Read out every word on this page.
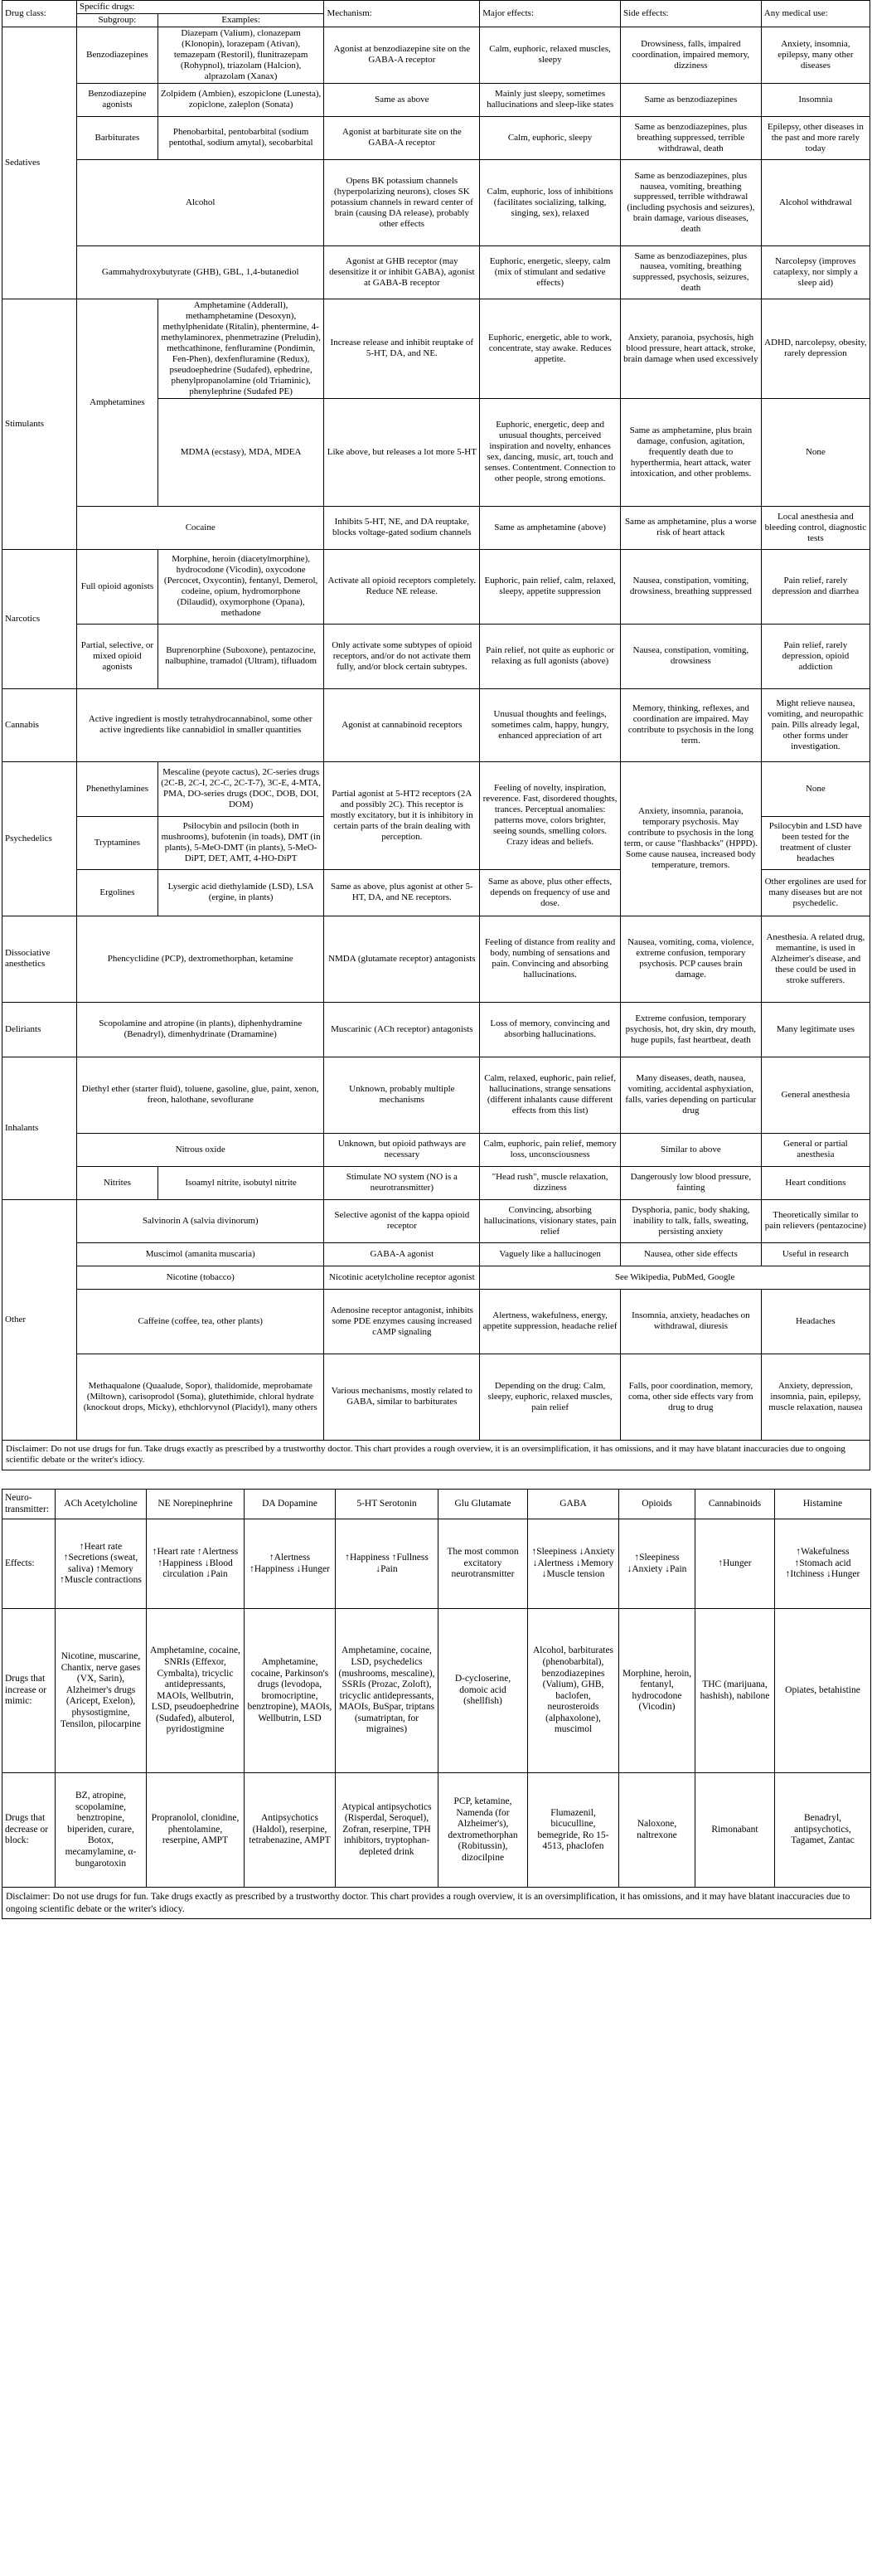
Drug class:	Specific drugs:		Mechanism:	Major effects:	Side effects:	Any medical use:
	Subgroup:	Examples:				
Sedatives	Benzodiazepines	Diazepam (Valium), clonazepam (Klonopin), lorazepam (Ativan), temazepam (Restoril), flunitrazepam (Rohypnol), triazolam (Halcion), alprazolam (Xanax)	Agonist at benzodiazepine site on the GABA-A receptor	Calm, euphoric, relaxed muscles, sleepy	Drowsiness, falls, impaired coordination, impaired memory, dizziness	Anxiety, insomnia, epilepsy, many other diseases
	Benzodiazepine agonists	Zolpidem (Ambien), eszopiclone (Lunesta), zopiclone, zaleplon (Sonata)	Same as above	Mainly just sleepy, sometimes hallucinations and sleep-like states	Same as benzodiazepines	Insomnia
	Barbiturates	Phenobarbital, pentobarbital (sodium pentothal, sodium amytal), secobarbital	Agonist at barbiturate site on the GABA-A receptor	Calm, euphoric, sleepy	Same as benzodiazepines, plus breathing suppressed, terrible withdrawal, death	Epilepsy, other diseases in the past and more rarely today
	Alcohol		Opens BK potassium channels (hyperpolarizing neurons), closes SK potassium channels in reward center of brain (causing DA release), probably other effects	Calm, euphoric, loss of inhibitions (facilitates socializing, talking, singing, sex), relaxed	Same as benzodiazepines, plus nausea, vomiting, breathing suppressed, terrible withdrawal (including psychosis and seizures), brain damage, various diseases, death	Alcohol withdrawal
	Gammahydroxybutyrate (GHB), GBL, 1,4-butanediol		Agonist at GHB receptor (may desensitize it or inhibit GABA), agonist at GABA-B receptor	Euphoric, energetic, sleepy, calm (mix of stimulant and sedative effects)	Same as benzodiazepines, plus nausea, vomiting, breathing suppressed, psychosis, seizures, death	Narcolepsy (improves cataplexy, nor simply a sleep aid)
Stimulants	Amphetamines	Amphetamine (Adderall), methamphetamine (Desoxyn), methylphenidate (Ritalin), phentermine, 4-methylaminorex, phenmetrazine (Preludin), methcathinone, fenfluramine (Pondimin, Fen-Phen), dexfenfluramine (Redux), pseudoephedrine (Sudafed), ephedrine, phenylpropanolamine (old Triaminic), phenylephrine (Sudafed PE)	Increase release and inhibit reuptake of 5-HT, DA, and NE.	Euphoric, energetic, able to work, concentrate, stay awake. Reduces appetite.	Anxiety, paranoia, psychosis, high blood pressure, heart attack, stroke, brain damage when used excessively	ADHD, narcolepsy, obesity, rarely depression
		MDMA (ecstasy), MDA, MDEA	Like above, but releases a lot more 5-HT	Euphoric, energetic, deep and unusual thoughts, perceived inspiration and novelty, enhances sex, dancing, music, art, touch and senses. Contentment. Connection to other people, strong emotions.	Same as amphetamine, plus brain damage, confusion, agitation, frequently death due to hyperthermia, heart attack, water intoxication, and other problems.	None
	Cocaine		Inhibits 5-HT, NE, and DA reuptake, blocks voltage-gated sodium channels	Same as amphetamine (above)	Same as amphetamine, plus a worse risk of heart attack	Local anesthesia and bleeding control, diagnostic tests
Narcotics	Full opioid agonists	Morphine, heroin (diacetylmorphine), hydrocodone (Vicodin), oxycodone (Percocet, Oxycontin), fentanyl, Demerol, codeine, opium, hydromorphone (Dilaudid), oxymorphone (Opana), methadone	Activate all opioid receptors completely. Reduce NE release.	Euphoric, pain relief, calm, relaxed, sleepy, appetite suppression	Nausea, constipation, vomiting, drowsiness, breathing suppressed	Pain relief, rarely depression and diarrhea
	Partial, selective, or mixed opioid agonists	Buprenorphine (Suboxone), pentazocine, nalbuphine, tramadol (Ultram), tifluadom	Only activate some subtypes of opioid receptors, and/or do not activate them fully, and/or block certain subtypes.	Pain relief, not quite as euphoric or relaxing as full agonists (above)	Nausea, constipation, vomiting, drowsiness	Pain relief, rarely depression, opioid addiction
Cannabis	Active ingredient is mostly tetrahydrocannabinol, some other active ingredients like cannabidiol in smaller quantities		Agonist at cannabinoid receptors	Unusual thoughts and feelings, sometimes calm, happy, hungry, enhanced appreciation of art	Memory, thinking, reflexes, and coordination are impaired. May contribute to psychosis in the long term.	Might relieve nausea, vomiting, and neuropathic pain. Pills already legal, other forms under investigation.
Psychedelics	Phenethylamines	Mescaline (peyote cactus), 2C-series drugs (2C-B, 2C-I, 2C-C, 2C-T-7), 3C-E, 4-MTA, PMA, DO-series drugs (DOC, DOB, DOI, DOM)	Partial agonist at 5-HT2 receptors (2A and possibly 2C). This receptor is mostly excitatory, but it is inhibitory in certain parts of the brain dealing with perception.	Feeling of novelty, inspiration, reverence. Fast, disordered thoughts, trances. Perceptual anomalies: patterns move, colors brighter, seeing sounds, smelling colors. Crazy ideas and beliefs.	Anxiety, insomnia, paranoia, temporary psychosis. May contribute to psychosis in the long term, or cause "flashbacks" (HPPD). Some cause nausea, increased body temperature, tremors.	None
	Tryptamines	Psilocybin and psilocin (both in mushrooms), bufotenin (in toads), DMT (in plants), 5-MeO-DMT (in plants), 5-MeO-DiPT, DET, AMT, 4-HO-DiPT				Psilocybin and LSD have been tested for the treatment of cluster headaches
	Ergolines	Lysergic acid diethylamide (LSD), LSA (ergine, in plants)	Same as above, plus agonist at other 5-HT, DA, and NE receptors.	Same as above, plus other effects, depends on frequency of use and dose.		Other ergolines are used for many diseases but are not psychedelic.
Dissociative anesthetics	Phencyclidine (PCP), dextromethorphan, ketamine		NMDA (glutamate receptor) antagonists	Feeling of distance from reality and body, numbing of sensations and pain. Convincing and absorbing hallucinations.	Nausea, vomiting, coma, violence, extreme confusion, temporary psychosis. PCP causes brain damage.	Anesthesia. A related drug, memantine, is used in Alzheimer's disease, and these could be used in stroke sufferers.
Deliriants	Scopolamine and atropine (in plants), diphenhydramine (Benadryl), dimenhydrinate (Dramamine)		Muscarinic (ACh receptor) antagonists	Loss of memory, convincing and absorbing hallucinations.	Extreme confusion, temporary psychosis, hot, dry skin, dry mouth, huge pupils, fast heartbeat, death	Many legitimate uses
Inhalants	Diethyl ether (starter fluid), toluene, gasoline, glue, paint, xenon, freon, halothane, sevoflurane		Unknown, probably multiple mechanisms	Calm, relaxed, euphoric, pain relief, hallucinations, strange sensations (different inhalants cause different effects from this list)	Many diseases, death, nausea, vomiting, accidental asphyxiation, falls, varies depending on particular drug	General anesthesia
	Nitrous oxide		Unknown, but opioid pathways are necessary	Calm, euphoric, pain relief, memory loss, unconsciousness	Similar to above	General or partial anesthesia
	Nitrites	Isoamyl nitrite, isobutyl nitrite	Stimulate NO system (NO is a neurotransmitter)	"Head rush", muscle relaxation, dizziness	Dangerously low blood pressure, fainting	Heart conditions
Other	Salvinorin A (salvia divinorum)		Selective agonist of the kappa opioid receptor	Convincing, absorbing hallucinations, visionary states, pain relief	Dysphoria, panic, body shaking, inability to talk, falls, sweating, persisting anxiety	Theoretically similar to pain relievers (pentazocine)
	Muscimol (amanita muscaria)		GABA-A agonist	Vaguely like a hallucinogen	Nausea, other side effects	Useful in research
	Nicotine (tobacco)		Nicotinic acetylcholine receptor agonist	See Wikipedia, PubMed, Google		
	Caffeine (coffee, tea, other plants)		Adenosine receptor antagonist, inhibits some PDE enzymes causing increased cAMP signaling	Alertness, wakefulness, energy, appetite suppression, headache relief	Insomnia, anxiety, headaches on withdrawal, diuresis	Headaches
	Methaqualone (Quaalude, Sopor), thalidomide, meprobamate (Miltown), carisoprodol (Soma), glutethimide, chloral hydrate (knockout drops, Micky), ethchlorvynol (Placidyl), many others		Various mechanisms, mostly related to GABA, similar to barbiturates	Depending on the drug: Calm, sleepy, euphoric, relaxed muscles, pain relief	Falls, poor coordination, memory, coma, other side effects vary from drug to drug	Anxiety, depression, insomnia, pain, epilepsy, muscle relaxation, nausea
Disclaimer: Do not use drugs for fun. Take drugs exactly as prescribed by a trustworthy doctor. This chart provides a rough overview, it is an oversimplification, it has omissions, and it may have blatant inaccuracies due to ongoing scientific debate or the writer's idiocy.						
Neuro-transmitter:	ACh Acetylcholine	NE Norepinephrine	DA Dopamine	5-HT Serotonin	Glu Glutamate	GABA	Opioids	Cannabinoids	Histamine
Effects:	↑Heart rate ↑Secretions (sweat, saliva) ↑Memory ↑Muscle contractions	↑Heart rate ↑Alertness ↑Happiness ↓Blood circulation ↓Pain	↑Alertness ↑Happiness ↓Hunger	↑Happiness ↑Fullness ↓Pain	The most common excitatory neurotransmitter	↑Sleepiness ↓Anxiety ↓Alertness ↓Memory ↓Muscle tension	↑Sleepiness ↓Anxiety ↓Pain	↑Hunger	↑Wakefulness ↑Stomach acid ↑Itchiness ↓Hunger
Drugs that increase or mimic:	Nicotine, muscarine, Chantix, nerve gases (VX, Sarin), Alzheimer's drugs (Aricept, Exelon), physostigmine, Tensilon, pilocarpine	Amphetamine, cocaine, SNRIs (Effexor, Cymbalta), tricyclic antidepressants, MAOIs, Wellbutrin, LSD, pseudoephedrine (Sudafed), albuterol, pyridostigmine	Amphetamine, cocaine, Parkinson's drugs (levodopa, bromocriptine, benztropine), MAOIs, Wellbutrin, LSD	Amphetamine, cocaine, LSD, psychedelics (mushrooms, mescaline), SSRIs (Prozac, Zoloft), tricyclic antidepressants, MAOIs, BuSpar, triptans (sumatriptan, for migraines)	D-cycloserine, domoic acid (shellfish)	Alcohol, barbiturates (phenobarbital), benzodiazepines (Valium), GHB, baclofen, neurosteroids (alphaxolone), muscimol	Morphine, heroin, fentanyl, hydrocodone (Vicodin)	THC (marijuana, hashish), nabilone	Opiates, betahistine
Drugs that decrease or block:	BZ, atropine, scopolamine, benztropine, biperiden, curare, Botox, mecamylamine, α-bungarotoxin	Propranolol, clonidine, phentolamine, reserpine, AMPT	Antipsychotics (Haldol), reserpine, tetrabenazine, AMPT	Atypical antipsychotics (Risperdal, Seroquel), Zofran, reserpine, TPH inhibitors, tryptophan-depleted drink	PCP, ketamine, Namenda (for Alzheimer's), dextromethorphan (Robitussin), dizocilpine	Flumazenil, bicuculline, bemegride, Ro 15-4513, phaclofen	Naloxone, naltrexone	Rimonabant	Benadryl, antipsychotics, Tagamet, Zantac
Disclaimer: Do not use drugs for fun. Take drugs exactly as prescribed by a trustworthy doctor. This chart provides a rough overview, it is an oversimplification, it has omissions, and it may have blatant inaccuracies due to ongoing scientific debate or the writer's idiocy.									
